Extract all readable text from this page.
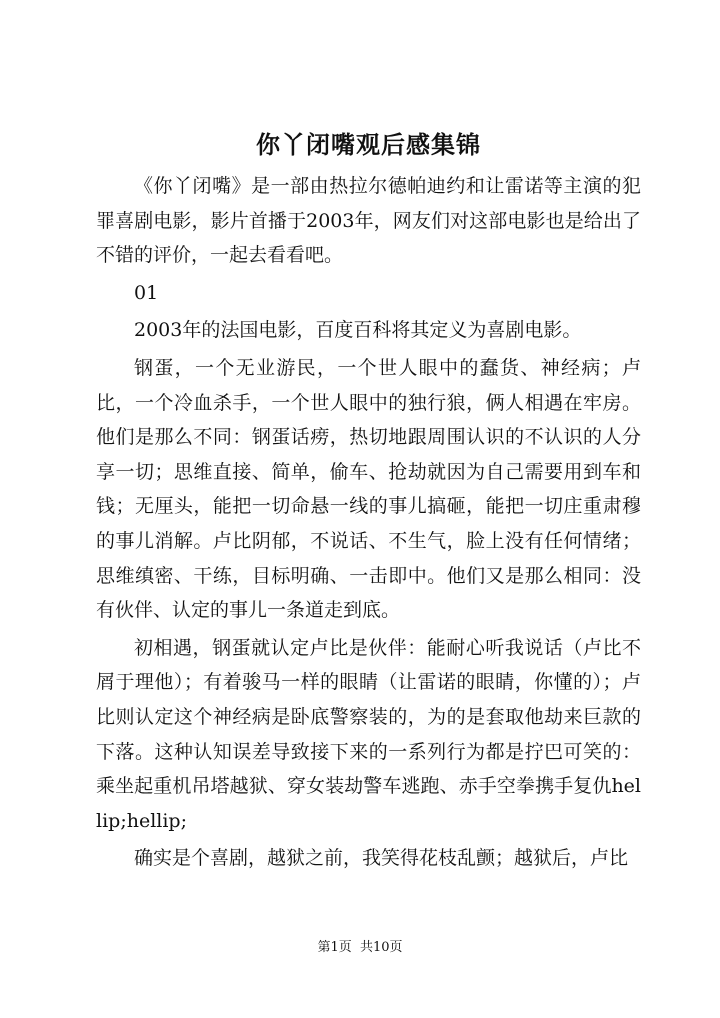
你丫闭嘴观后感集锦

《你丫闭嘴》是一部由热拉尔德帕迪约和让雷诺等主演的犯罪喜剧电影，影片首播于2003年，网友们对这部电影也是给出了不错的评价，一起去看看吧。

01

2003年的法国电影，百度百科将其定义为喜剧电影。

钢蛋，一个无业游民，一个世人眼中的蠢货、神经病；卢比，一个冷血杀手，一个世人眼中的独行狼，俩人相遇在牢房。他们是那么不同：钢蛋话痨，热切地跟周围认识的不认识的人分享一切；思维直接、简单，偷车、抢劫就因为自己需要用到车和钱；无厘头，能把一切命悬一线的事儿搞砸，能把一切庄重肃穆的事儿消解。卢比阴郁，不说话、不生气，脸上没有任何情绪；思维缜密、干练，目标明确、一击即中。他们又是那么相同：没有伙伴、认定的事儿一条道走到底。

初相遇，钢蛋就认定卢比是伙伴：能耐心听我说话（卢比不屑于理他）；有着骏马一样的眼睛（让雷诺的眼睛，你懂的）；卢比则认定这个神经病是卧底警察装的，为的是套取他劫来巨款的下落。这种认知误差导致接下来的一系列行为都是拧巴可笑的：乘坐起重机吊塔越狱、穿女装劫警车逃跑、赤手空拳携手复仇hellip;hellip;

确实是个喜剧，越狱之前，我笑得花枝乱颤；越狱后，卢比

第1页  共10页
